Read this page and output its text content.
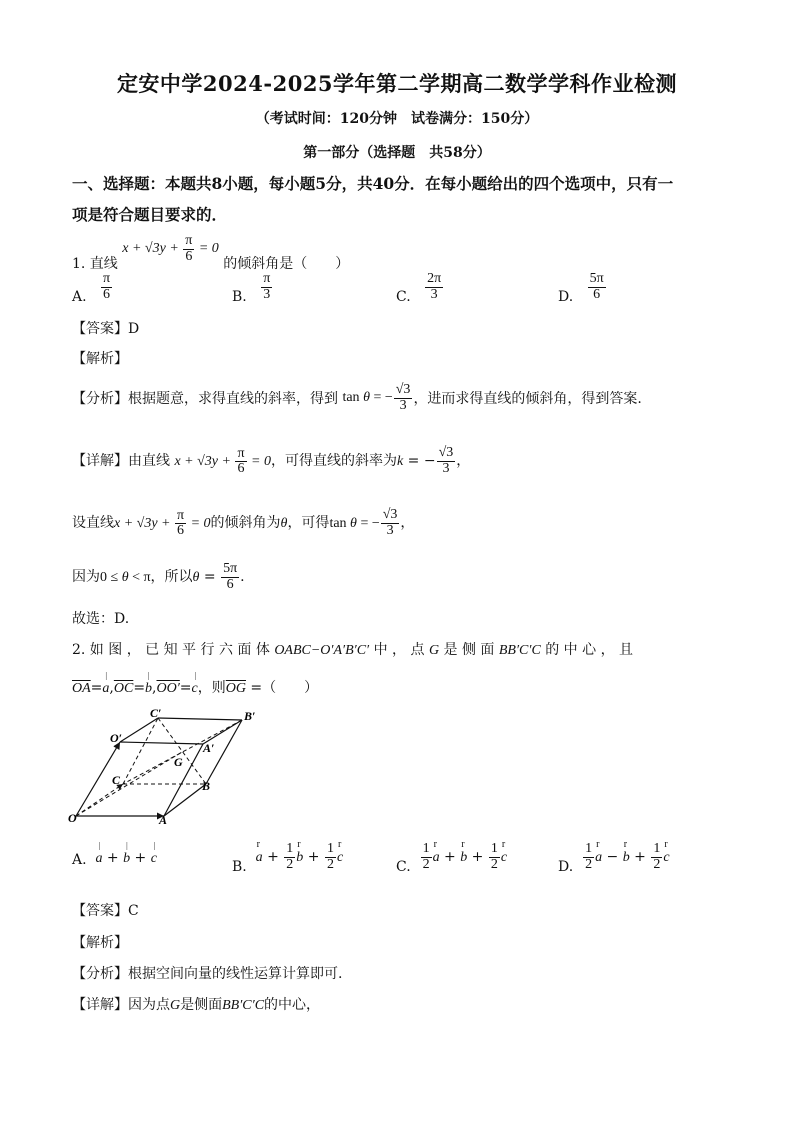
定安中学2024-2025学年第二学期高二数学学科作业检测
（考试时间：120分钟　试卷满分：150分）
第一部分（选择题　共58分）
一、选择题：本题共8小题，每小题5分，共40分．在每小题给出的四个选项中，只有一
项是符合题目要求的．
1. 直线 $x + √3y + \frac{\pi}{6} = 0$ 的倾斜角是（　　）
A. $\frac{\pi}{6}$	B. $\frac{\pi}{3}$	C. $\frac{2\pi}{3}$	D. $\frac{5\pi}{6}$
【答案】D
【解析】
【分析】根据题意，求得直线的斜率，得到 tan θ = − $\frac{√3}{3}$ ，进而求得直线的倾斜角，得到答案.
【详解】由直线 $x + √3y + \frac{\pi}{6} = 0$，可得直线的斜率为k = − $\frac{√3}{3}$ ，
设直线$x + √3y + \frac{\pi}{6} = 0$的倾斜角为θ，可得tan θ = − $\frac{√3}{3}$ ，
因为0 ≤ θ < π，所以$\theta = \frac{5\pi}{6}$ .
故选：D.
2. 如 图 ， 已 知 平 行 六 面 体 OABC−O′A′B′C′ 中 ， 点 G 是 侧 面 BB′C′C 的 中 心 ， 且
$\overline{OA}=|$ $a,\overline{OC}=|$ b,OO′=| c，则$\overline{OG}$ =（　　）
C′	B′
O′
A′
G
C	B
O	A
A. | a + | b + | c
B.  r $a + \frac{1}{2}$ r $b + \frac{1}{2}$ r c
C. $\frac{1}{2}$ r a + r $b + \frac{1}{2}$ r c
D. $\frac{1}{2}$ r a − r $b + \frac{1}{2}$ r c
【答案】C
【解析】
【分析】根据空间向量的线性运算计算即可.
【详解】因为点G是侧面BB′C′C的中心，
